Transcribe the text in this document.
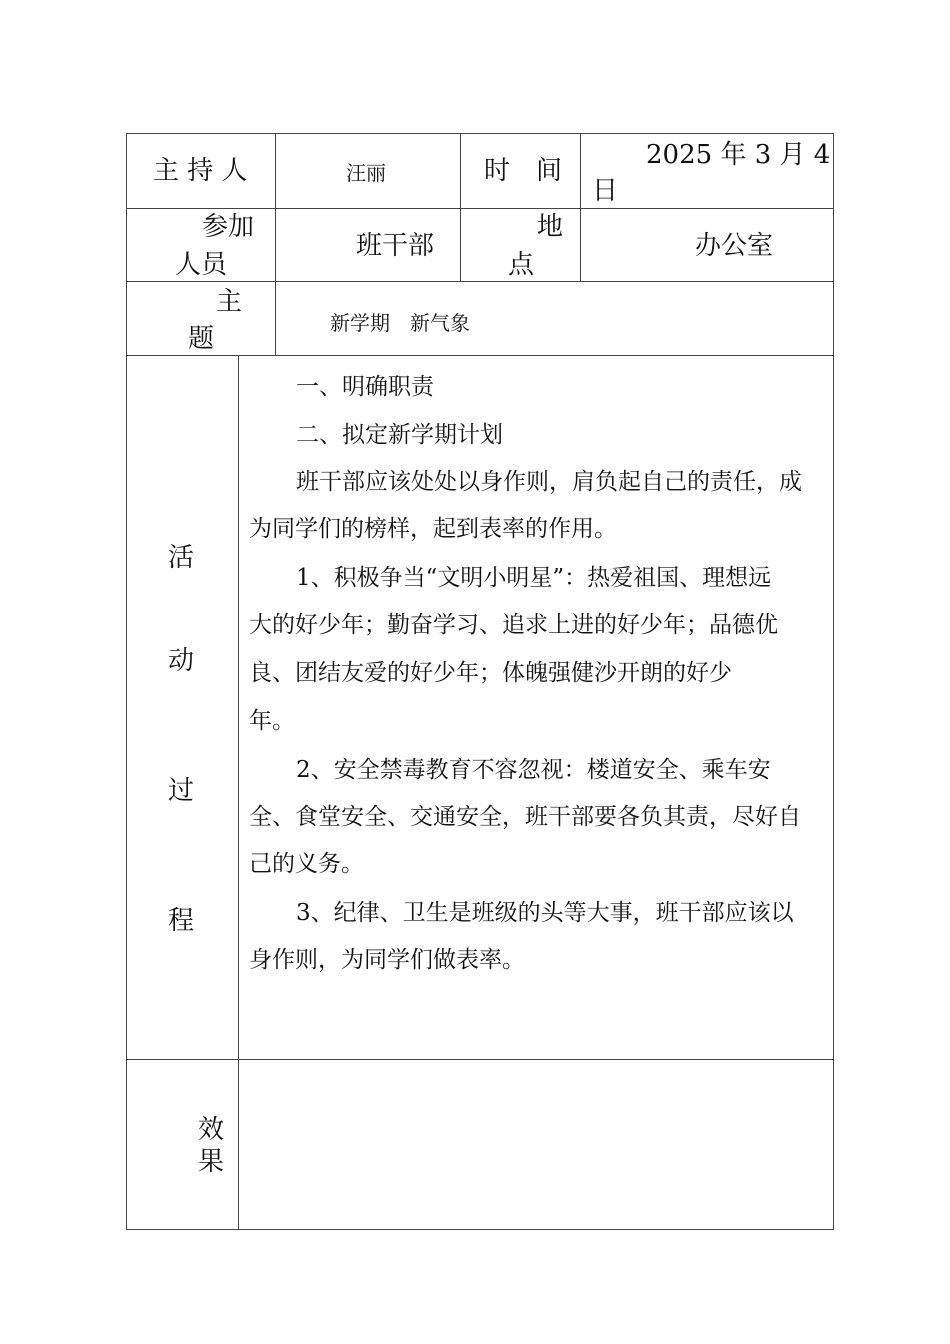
主 持 人	汪丽	时　间
2025 年 3 月 4
日
参加
人员
班干部
地
点
办公室
主
题
新学期　新气象
活
动
过
程
一、明确职责
二、拟定新学期计划
班干部应该处处以身作则，肩负起自己的责任，成
为同学们的榜样，起到表率的作用。
1、积极争当“文明小明星”：热爱祖国、理想远
大的好少年；勤奋学习、追求上进的好少年；品德优
良、团结友爱的好少年；体魄强健沙开朗的好少
年。
2、安全禁毒教育不容忽视：楼道安全、乘车安
全、食堂安全、交通安全，班干部要各负其责，尽好自
己的义务。
3、纪律、卫生是班级的头等大事，班干部应该以
身作则，为同学们做表率。
效
果
